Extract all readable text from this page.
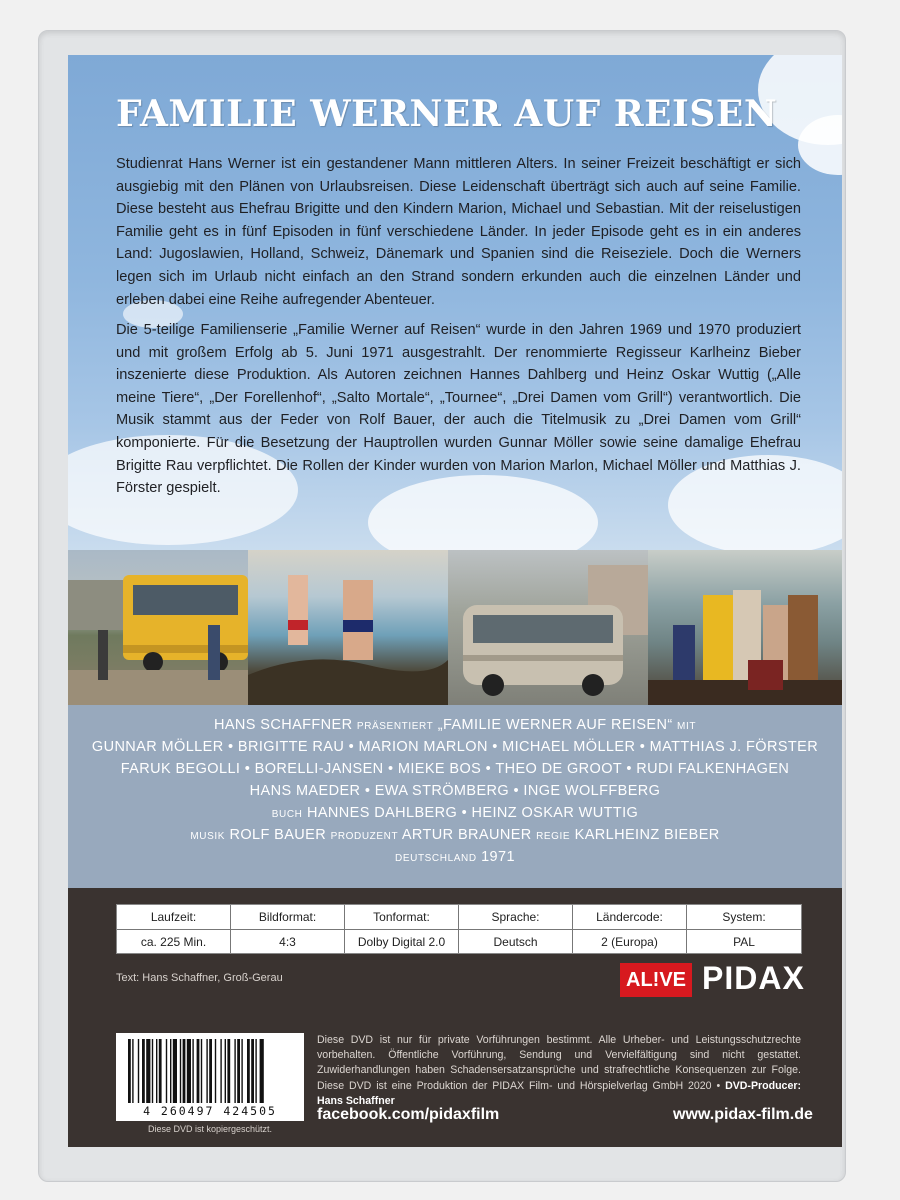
FAMILIE WERNER AUF REISEN
Studienrat Hans Werner ist ein gestandener Mann mittleren Alters. In seiner Freizeit beschäftigt er sich ausgiebig mit den Plänen von Urlaubsreisen. Diese Leidenschaft überträgt sich auch auf seine Familie. Diese besteht aus Ehefrau Brigitte und den Kindern Marion, Michael und Sebastian. Mit der reiselustigen Familie geht es in fünf Episoden in fünf verschiedene Länder. In jeder Episode geht es in ein anderes Land: Jugoslawien, Holland, Schweiz, Dänemark und Spanien sind die Reiseziele. Doch die Werners legen sich im Urlaub nicht einfach an den Strand sondern erkunden auch die einzelnen Länder und erleben dabei eine Reihe aufregender Abenteuer.
Die 5-teilige Familienserie „Familie Werner auf Reisen“ wurde in den Jahren 1969 und 1970 produziert und mit großem Erfolg ab 5. Juni 1971 ausgestrahlt. Der renommierte Regisseur Karlheinz Bieber inszenierte diese Produktion. Als Autoren zeichnen Hannes Dahlberg und Heinz Oskar Wuttig („Alle meine Tiere“, „Der Forellenhof“, „Salto Mortale“, „Tournee“, „Drei Damen vom Grill“) verantwortlich. Die Musik stammt aus der Feder von Rolf Bauer, der auch die Titelmusik zu „Drei Damen vom Grill“ komponierte. Für die Besetzung der Hauptrollen wurden Gunnar Möller sowie seine damalige Ehefrau Brigitte Rau verpflichtet. Die Rollen der Kinder wurden von Marion Marlon, Michael Möller und Matthias J. Förster gespielt.
HANS SCHAFFNER PRÄSENTIERT „FAMILIE WERNER AUF REISEN“ MIT
GUNNAR MÖLLER • BRIGITTE RAU • MARION MARLON • MICHAEL MÖLLER • MATTHIAS J. FÖRSTER
FARUK BEGOLLI • BORELLI-JANSEN • MIEKE BOS • THEO DE GROOT • RUDI FALKENHAGEN
HANS MAEDER • EWA STRÖMBERG • INGE WOLFFBERG
BUCH HANNES DAHLBERG • HEINZ OSKAR WUTTIG
MUSIK ROLF BAUER PRODUZENT ARTUR BRAUNER REGIE KARLHEINZ BIEBER
DEUTSCHLAND 1971
Laufzeit:	Bildformat:	Tonformat:	Sprache:	Ländercode:	System:
ca. 225 Min.	4:3	Dolby Digital 2.0	Deutsch	2 (Europa)	PAL
Text: Hans Schaffner, Groß-Gerau	AL!VE PIDAX
4 260497 424505
Diese DVD ist kopiergeschützt.
Diese DVD ist nur für private Vorführungen bestimmt. Alle Urheber- und Leistungsschutzrechte vorbehalten. Öffentliche Vorführung, Sendung und Vervielfältigung sind nicht gestattet. Zuwiderhandlungen haben Schadensersatzansprüche und strafrechtliche Konsequenzen zur Folge. Diese DVD ist eine Produktion der PIDAX Film- und Hörspielverlag GmbH 2020 • DVD-Producer: Hans Schaffner
facebook.com/pidaxfilm	www.pidax-film.de
